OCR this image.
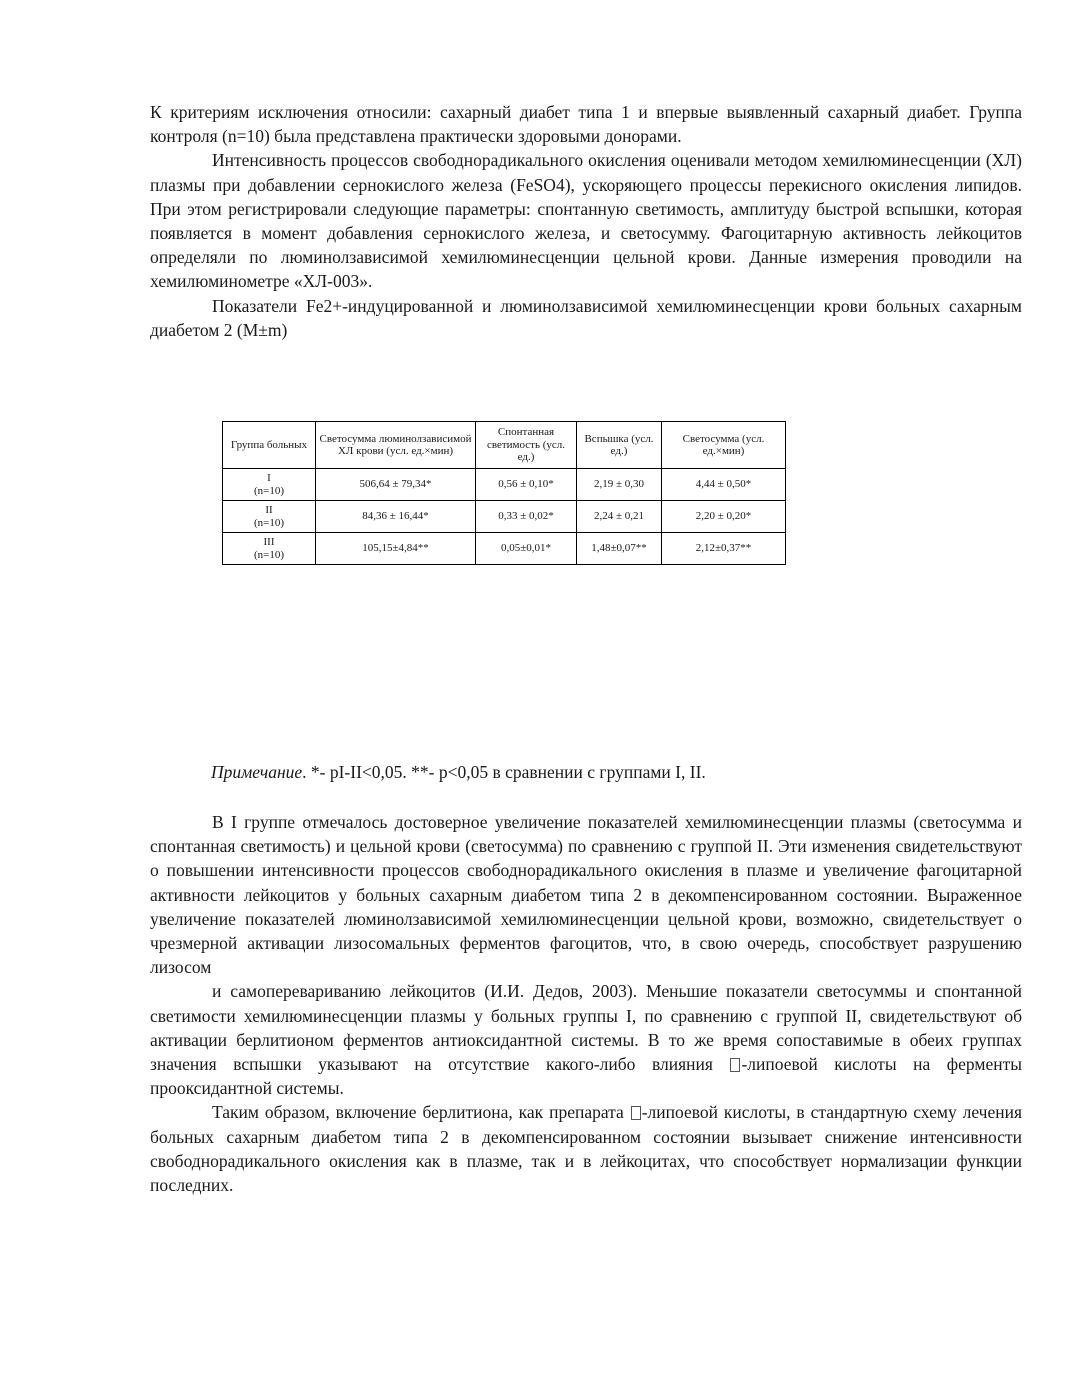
К критериям исключения относили: сахарный диабет типа 1 и впервые выявленный сахарный диабет. Группа контроля (n=10) была представлена практически здоровыми донорами.

Интенсивность процессов свободнорадикального окисления оценивали методом хемилюминесценции (ХЛ) плазмы при добавлении сернокислого железа (FeSO4), ускоряющего процессы перекисного окисления липидов. При этом регистрировали следующие параметры: спонтанную светимость, амплитуду быстрой вспышки, которая появляется в момент добавления сернокислого железа, и светосумму. Фагоцитарную активность лейкоцитов определяли по люминолзависимой хемилюминесценции цельной крови. Данные измерения проводили на хемилюминометре «ХЛ-003».

Показатели Fe2+-индуцированной и люминолзависимой хемилюминесценции крови больных сахарным диабетом 2 (М±m)

Группа больных	Светосумма люминолзависимой ХЛ крови (усл. ед.×мин)	Спонтанная светимость (усл. ед.)	Вспышка (усл. ед.)	Светосумма (усл. ед.×мин)

I
(n=10)	506,64 ± 79,34*	0,56 ± 0,10*	2,19 ± 0,30	4,44 ± 0,50*

II
(n=10)	84,36 ± 16,44*	0,33 ± 0,02*	2,24 ± 0,21	2,20 ± 0,20*

III
(n=10)	105,15±4,84**	0,05±0,01*	1,48±0,07**	2,12±0,37**

Примечание. *- pI-II<0,05. **- p<0,05 в сравнении с группами I, II.

В I группе отмечалось достоверное увеличение показателей хемилюминесценции плазмы (светосумма и спонтанная светимость) и цельной крови (светосумма) по сравнению с группой II. Эти изменения свидетельствуют о повышении интенсивности процессов свободнорадикального окисления в плазме и увеличение фагоцитарной активности лейкоцитов у больных сахарным диабетом типа 2 в декомпенсированном состоянии. Выраженное увеличение показателей люминолзависимой хемилюминесценции цельной крови, возможно, свидетельствует о чрезмерной активации лизосомальных ферментов фагоцитов, что, в свою очередь, способствует разрушению лизосом

и самоперевариванию лейкоцитов (И.И. Дедов, 2003). Меньшие показатели светосуммы и спонтанной светимости хемилюминесценции плазмы у больных группы I, по сравнению с группой II, свидетельствуют об активации берлитионом ферментов антиоксидантной системы. В то же время сопоставимые в обеих группах значения вспышки указывают на отсутствие какого-либо влияния -липоевой кислоты на ферменты прооксидантной системы.

Таким образом, включение берлитиона, как препарата -липоевой кислоты, в стандартную схему лечения больных сахарным диабетом типа 2 в декомпенсированном состоянии вызывает снижение интенсивности свободнорадикального окисления как в плазме, так и в лейкоцитах, что способствует нормализации функции последних.
